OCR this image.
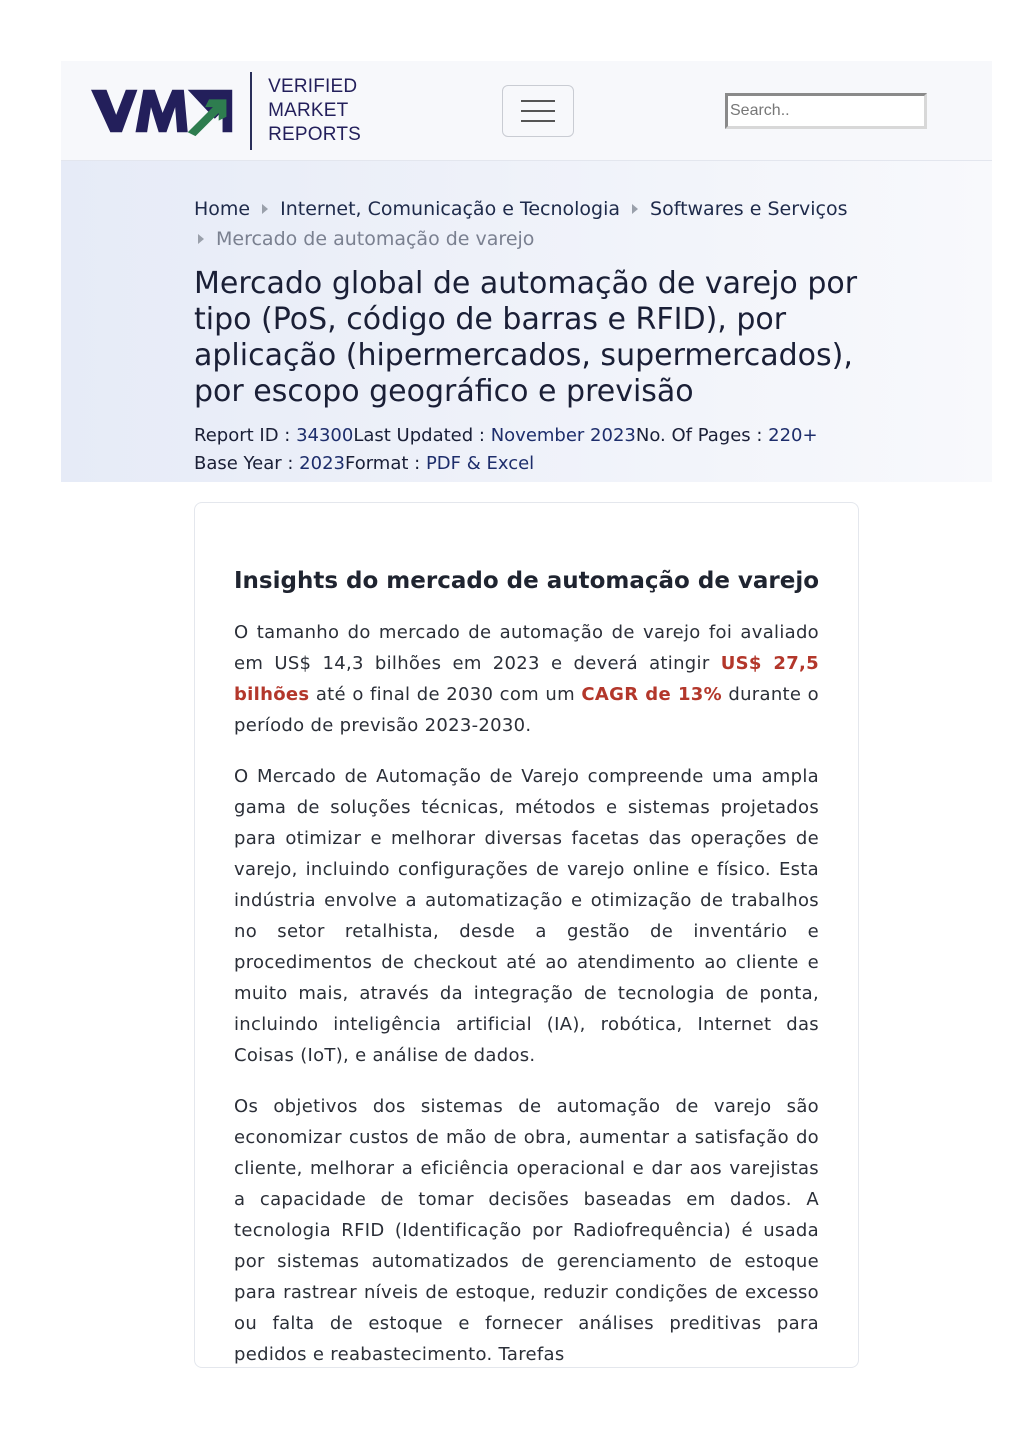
VERIFIED
MARKET
REPORTS
Search..
Home Internet, Comunicação e Tecnologia Softwares e Serviços
Mercado de automação de varejo
Mercado global de automação de varejo por tipo (PoS, código de barras e RFID), por aplicação (hipermercados, supermercados), por escopo geográfico e previsão
Report ID : 34300Last Updated : November 2023No. Of Pages : 220+
Base Year : 2023Format : PDF & Excel
Insights do mercado de automação de varejo

O tamanho do mercado de automação de varejo foi avaliado em US$ 14,3 bilhões em 2023 e deverá atingir US$ 27,5 bilhões até o final de 2030 com um CAGR de 13% durante o período de previsão 2023-2030.

O Mercado de Automação de Varejo compreende uma ampla gama de soluções técnicas, métodos e sistemas projetados para otimizar e melhorar diversas facetas das operações de varejo, incluindo configurações de varejo online e físico. Esta indústria envolve a automatização e otimização de trabalhos no setor retalhista, desde a gestão de inventário e procedimentos de checkout até ao atendimento ao cliente e muito mais, através da integração de tecnologia de ponta, incluindo inteligência artificial (IA), robótica, Internet das Coisas (IoT), e análise de dados.

Os objetivos dos sistemas de automação de varejo são economizar custos de mão de obra, aumentar a satisfação do cliente, melhorar a eficiência operacional e dar aos varejistas a capacidade de tomar decisões baseadas em dados. A tecnologia RFID (Identificação por Radiofrequência) é usada por sistemas automatizados de gerenciamento de estoque para rastrear níveis de estoque, reduzir condições de excesso ou falta de estoque e fornecer análises preditivas para pedidos e reabastecimento. Tarefas
